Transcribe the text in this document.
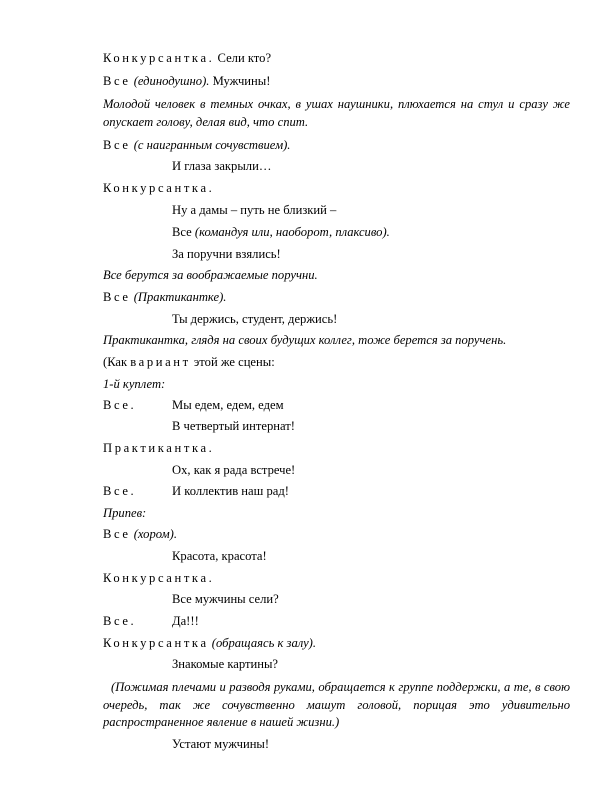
Конкурсантка. Сели кто?
Все (единодушно). Мужчины!
Молодой человек в темных очках, в ушах наушники, плюхается на стул и сразу же опускает голову, делая вид, что спит.
Все (с наигранным сочувствием).
И глаза закрыли…
Конкурсантка.
Ну а дамы – путь не близкий –
Все (командуя или, наоборот, плаксиво).
За поручни взялись!
Все берутся за воображаемые поручни.
Все (Практикантке).
Ты держись, студент, держись!
Практикантка, глядя на своих будущих коллег, тоже берется за поручень.
(Как вариант этой же сцены:
1-й куплет:
Все.	Мы едем, едем, едем
В четвертый интернат!
Практикантка.
Ох, как я рада встрече!
Все.	И коллектив наш рад!
Припев:
Все (хором).
Красота, красота!
Конкурсантка.
Все мужчины сели?
Все.	Да!!!
Конкурсантка (обращаясь к залу).
Знакомые картины?
(Пожимая плечами и разводя руками, обращается к группе поддержки, а те, в свою очередь, так же сочувственно машут головой, порицая это удивительно распространенное явление в нашей жизни.)
Устают мужчины!
